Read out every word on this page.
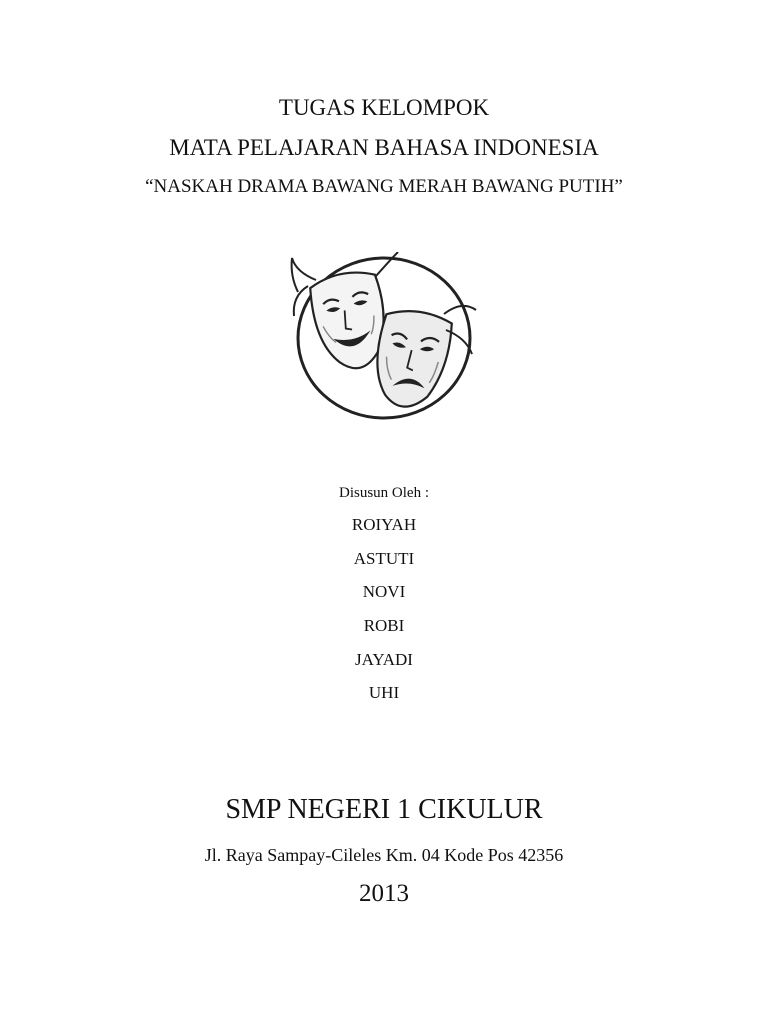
TUGAS KELOMPOK
MATA PELAJARAN BAHASA INDONESIA
“NASKAH DRAMA BAWANG MERAH BAWANG PUTIH”
Disusun Oleh :
ROIYAH
ASTUTI
NOVI
ROBI
JAYADI
UHI
SMP NEGERI 1 CIKULUR
Jl. Raya Sampay-Cileles Km. 04 Kode Pos 42356
2013
